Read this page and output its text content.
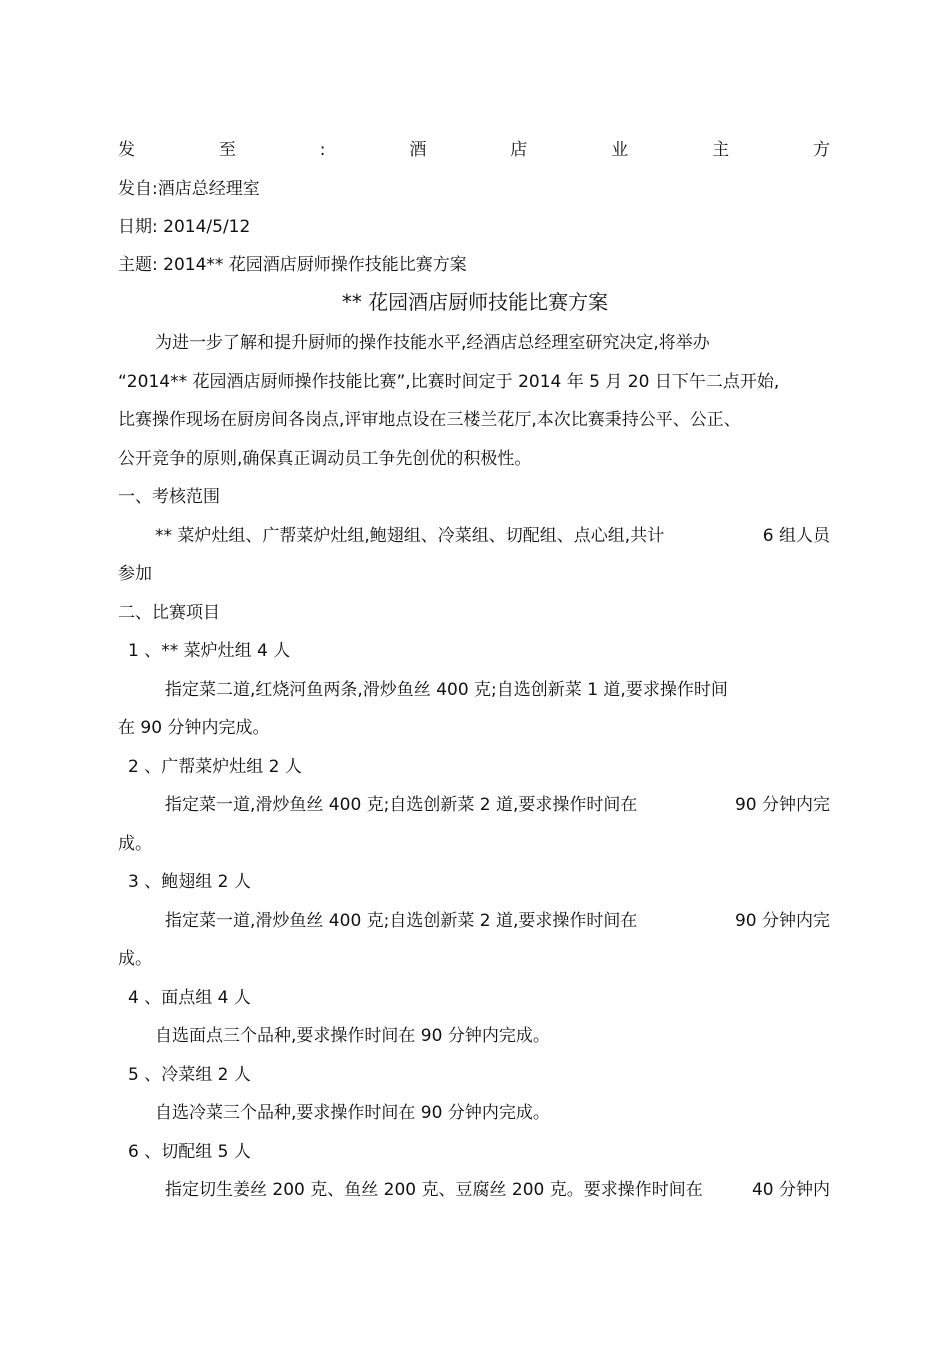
发	至	:	酒	店	业	主	方
发自:酒店总经理室
日期: 2014/5/12
主题: 2014** 花园酒店厨师操作技能比赛方案
** 花园酒店厨师技能比赛方案
为进一步了解和提升厨师的操作技能水平,经酒店总经理室研究决定,将举办
“2014** 花园酒店厨师操作技能比赛”,比赛时间定于 2014 年 5 月 20 日下午二点开始,
比赛操作现场在厨房间各岗点,评审地点设在三楼兰花厅,本次比赛秉持公平、公正、
公开竞争的原则,确保真正调动员工争先创优的积极性。
一、考核范围
** 菜炉灶组、广帮菜炉灶组,鲍翅组、冷菜组、切配组、点心组,共计	6 组人员
参加
二、比赛项目
1 、** 菜炉灶组 4 人
指定菜二道,红烧河鱼两条,滑炒鱼丝 400 克;自选创新菜 1 道,要求操作时间
在 90 分钟内完成。
2 、广帮菜炉灶组 2 人
指定菜一道,滑炒鱼丝 400 克;自选创新菜 2 道,要求操作时间在	90 分钟内完
成。
3 、鲍翅组 2 人
指定菜一道,滑炒鱼丝 400 克;自选创新菜 2 道,要求操作时间在	90 分钟内完
成。
4 、面点组 4 人
自选面点三个品种,要求操作时间在 90 分钟内完成。
5 、冷菜组 2 人
自选冷菜三个品种,要求操作时间在 90 分钟内完成。
6 、切配组 5 人
指定切生姜丝 200 克、鱼丝 200 克、豆腐丝 200 克。要求操作时间在	40 分钟内
